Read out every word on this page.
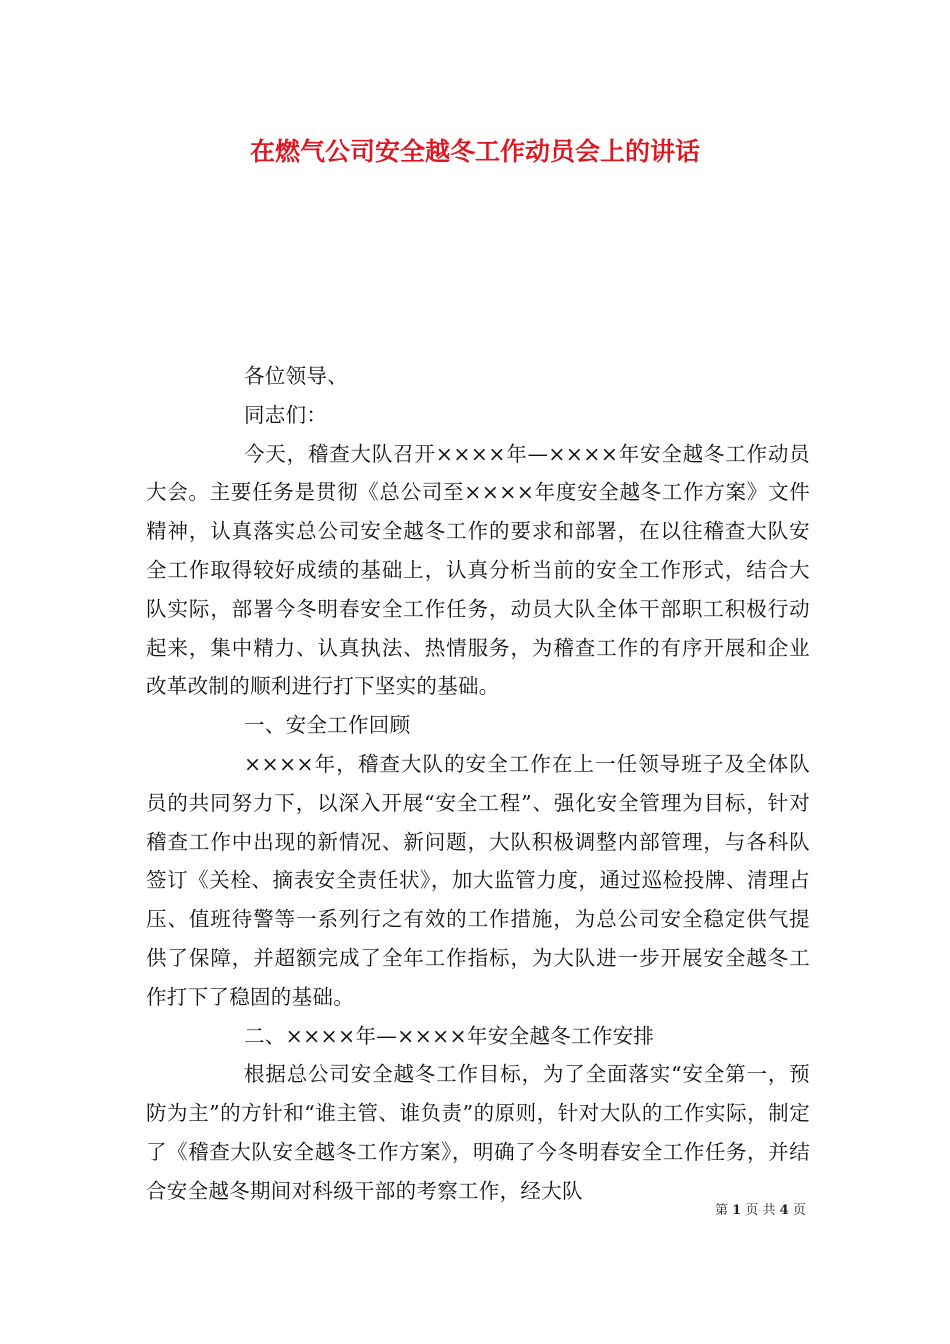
在燃气公司安全越冬工作动员会上的讲话

各位领导、

同志们：

今天，稽查大队召开××××年—××××年安全越冬工作动员大会。主要任务是贯彻《总公司至××××年度安全越冬工作方案》文件精神，认真落实总公司安全越冬工作的要求和部署，在以往稽查大队安全工作取得较好成绩的基础上，认真分析当前的安全工作形式，结合大队实际，部署今冬明春安全工作任务，动员大队全体干部职工积极行动起来，集中精力、认真执法、热情服务，为稽查工作的有序开展和企业改革改制的顺利进行打下坚实的基础。

一、安全工作回顾

××××年，稽查大队的安全工作在上一任领导班子及全体队员的共同努力下，以深入开展“安全工程”、强化安全管理为目标，针对稽查工作中出现的新情况、新问题，大队积极调整内部管理，与各科队签订《关栓、摘表安全责任状》，加大监管力度，通过巡检投牌、清理占压、值班待警等一系列行之有效的工作措施，为总公司安全稳定供气提供了保障，并超额完成了全年工作指标，为大队进一步开展安全越冬工作打下了稳固的基础。

二、××××年—××××年安全越冬工作安排

根据总公司安全越冬工作目标，为了全面落实“安全第一，预防为主”的方针和“谁主管、谁负责”的原则，针对大队的工作实际，制定了《稽查大队安全越冬工作方案》，明确了今冬明春安全工作任务，并结合安全越冬期间对科级干部的考察工作，经大队

第 1 页 共 4 页
